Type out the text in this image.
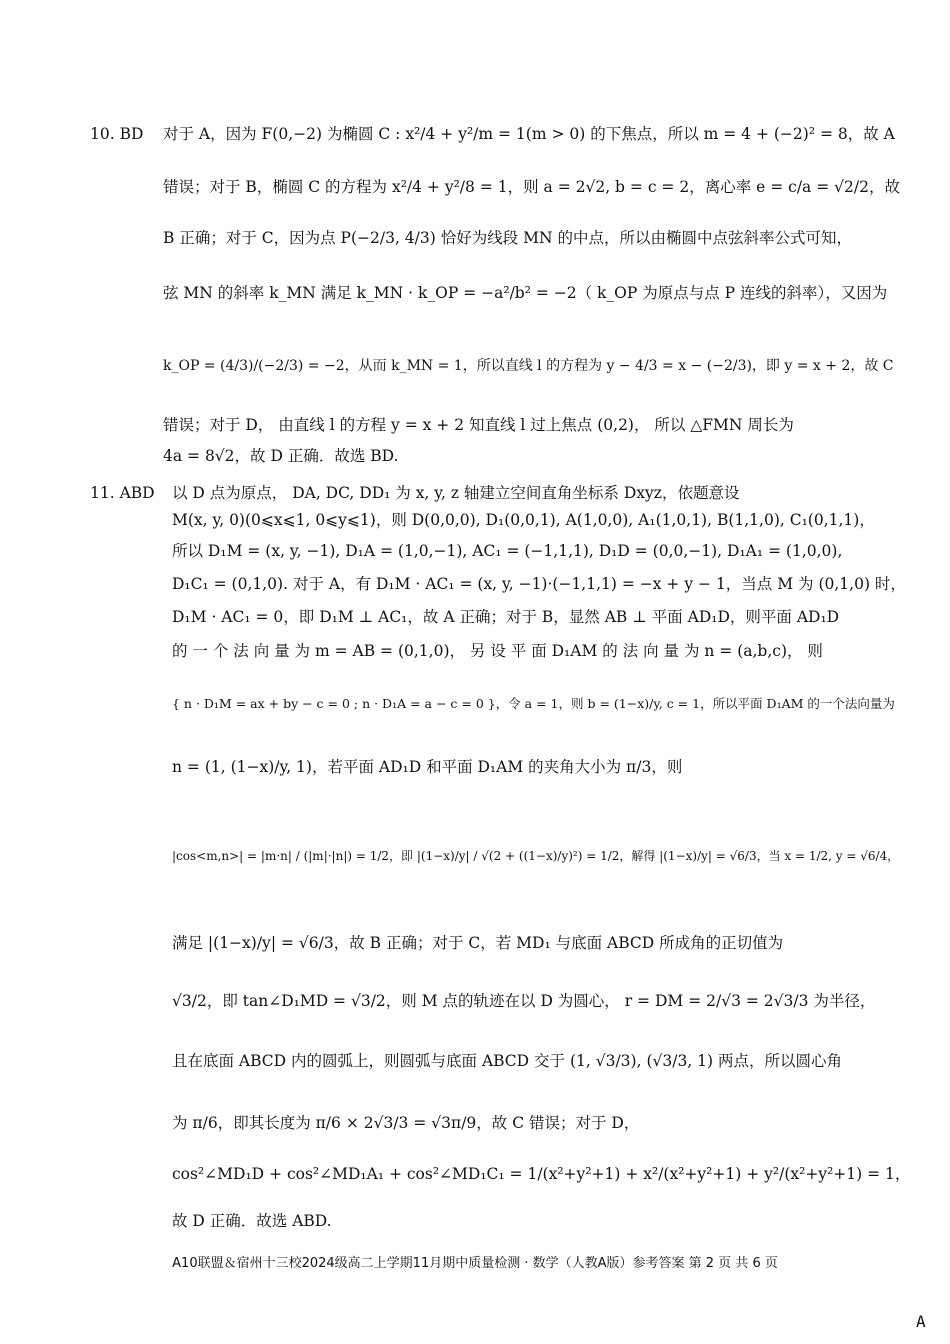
10. BD 对于 A，因为 F(0,−2) 为椭圆 C : x²/4 + y²/m = 1(m > 0) 的下焦点，所以 m = 4 + (−2)² = 8，故 A
错误；对于 B，椭圆 C 的方程为 x²/4 + y²/8 = 1，则 a = 2√2, b = c = 2，离心率 e = c/a = √2/2，故
B 正确；对于 C，因为点 P(−2/3, 4/3) 恰好为线段 MN 的中点，所以由椭圆中点弦斜率公式可知，
弦 MN 的斜率 k_MN 满足 k_MN · k_OP = −a²/b² = −2（ k_OP 为原点与点 P 连线的斜率），又因为
k_OP = (4/3)/(−2/3) = −2，从而 k_MN = 1，所以直线 l 的方程为 y − 4/3 = x − (−2/3)，即 y = x + 2，故 C
错误；对于 D， 由直线 l 的方程 y = x + 2 知直线 l 过上焦点 (0,2)， 所以 △FMN 周长为
4a = 8√2，故 D 正确．故选 BD.
11. ABD 以 D 点为原点， DA, DC, DD₁ 为 x, y, z 轴建立空间直角坐标系 Dxyz，依题意设
M(x, y, 0)(0⩽x⩽1, 0⩽y⩽1)，则 D(0,0,0), D₁(0,0,1), A(1,0,0), A₁(1,0,1), B(1,1,0), C₁(0,1,1)，
所以 D₁M = (x, y, −1), D₁A = (1,0,−1), AC₁ = (−1,1,1), D₁D = (0,0,−1), D₁A₁ = (1,0,0),
D₁C₁ = (0,1,0). 对于 A，有 D₁M · AC₁ = (x, y, −1)·(−1,1,1) = −x + y − 1，当点 M 为 (0,1,0) 时，
D₁M · AC₁ = 0，即 D₁M ⊥ AC₁，故 A 正确；对于 B，显然 AB ⊥ 平面 AD₁D，则平面 AD₁D
的 一 个 法 向 量 为 m = AB = (0,1,0)， 另 设 平 面 D₁AM 的 法 向 量 为 n = (a,b,c)， 则
{ n · D₁M = ax + by − c = 0 ; n · D₁A = a − c = 0 }，令 a = 1，则 b = (1−x)/y, c = 1，所以平面 D₁AM 的一个法向量为
n = (1, (1−x)/y, 1)，若平面 AD₁D 和平面 D₁AM 的夹角大小为 π/3，则
|cos<m,n>| = |m·n| / (|m|·|n|) = 1/2，即 |(1−x)/y| / √(2 + ((1−x)/y)²) = 1/2，解得 |(1−x)/y| = √6/3，当 x = 1/2, y = √6/4，
满足 |(1−x)/y| = √6/3，故 B 正确；对于 C，若 MD₁ 与底面 ABCD 所成角的正切值为
√3/2，即 tan∠D₁MD = √3/2，则 M 点的轨迹在以 D 为圆心， r = DM = 2/√3 = 2√3/3 为半径，
且在底面 ABCD 内的圆弧上，则圆弧与底面 ABCD 交于 (1, √3/3), (√3/3, 1) 两点，所以圆心角
为 π/6，即其长度为 π/6 × 2√3/3 = √3π/9，故 C 错误；对于 D，
cos²∠MD₁D + cos²∠MD₁A₁ + cos²∠MD₁C₁ = 1/(x²+y²+1) + x²/(x²+y²+1) + y²/(x²+y²+1) = 1，
故 D 正确．故选 ABD.
A10联盟＆宿州十三校2024级高二上学期11月期中质量检测 · 数学（人教A版）参考答案 第 2 页 共 6 页
A
